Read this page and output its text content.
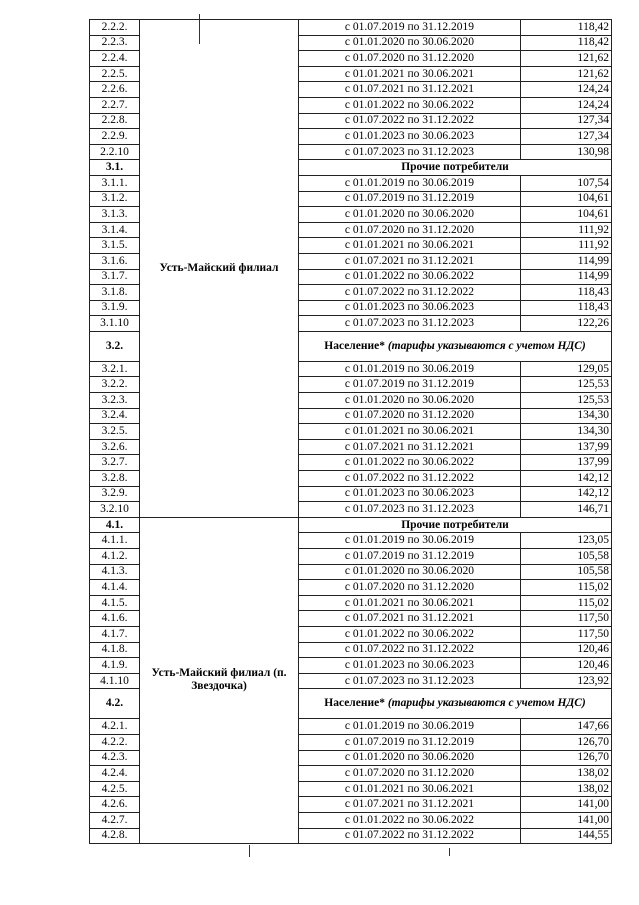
2.2.2.	Усть-Майский филиал	с 01.07.2019 по 31.12.2019	118,42
2.2.3.		с 01.01.2020 по 30.06.2020	118,42
2.2.4.		с 01.07.2020 по 31.12.2020	121,62
2.2.5.		с 01.01.2021 по 30.06.2021	121,62
2.2.6.		с 01.07.2021 по 31.12.2021	124,24
2.2.7.		с 01.01.2022 по 30.06.2022	124,24
2.2.8.		с 01.07.2022 по 31.12.2022	127,34
2.2.9.		с 01.01.2023 по 30.06.2023	127,34
2.2.10		с 01.07.2023 по 31.12.2023	130,98
3.1.		Прочие потребители	
3.1.1.		с 01.01.2019 по 30.06.2019	107,54
3.1.2.		с 01.07.2019 по 31.12.2019	104,61
3.1.3.		с 01.01.2020 по 30.06.2020	104,61
3.1.4.		с 01.07.2020 по 31.12.2020	111,92
3.1.5.		с 01.01.2021 по 30.06.2021	111,92
3.1.6.		с 01.07.2021 по 31.12.2021	114,99
3.1.7.		с 01.01.2022 по 30.06.2022	114,99
3.1.8.		с 01.07.2022 по 31.12.2022	118,43
3.1.9.		с 01.01.2023 по 30.06.2023	118,43
3.1.10		с 01.07.2023 по 31.12.2023	122,26
3.2.		Население* (тарифы указываются с учетом НДС)	
3.2.1.		с 01.01.2019 по 30.06.2019	129,05
3.2.2.		с 01.07.2019 по 31.12.2019	125,53
3.2.3.		с 01.01.2020 по 30.06.2020	125,53
3.2.4.		с 01.07.2020 по 31.12.2020	134,30
3.2.5.		с 01.01.2021 по 30.06.2021	134,30
3.2.6.		с 01.07.2021 по 31.12.2021	137,99
3.2.7.		с 01.01.2022 по 30.06.2022	137,99
3.2.8.		с 01.07.2022 по 31.12.2022	142,12
3.2.9.		с 01.01.2023 по 30.06.2023	142,12
3.2.10		с 01.07.2023 по 31.12.2023	146,71
4.1.	Усть-Майский филиал (п. Звездочка)	Прочие потребители	
4.1.1.		с 01.01.2019 по 30.06.2019	123,05
4.1.2.		с 01.07.2019 по 31.12.2019	105,58
4.1.3.		с 01.01.2020 по 30.06.2020	105,58
4.1.4.		с 01.07.2020 по 31.12.2020	115,02
4.1.5.		с 01.01.2021 по 30.06.2021	115,02
4.1.6.		с 01.07.2021 по 31.12.2021	117,50
4.1.7.		с 01.01.2022 по 30.06.2022	117,50
4.1.8.		с 01.07.2022 по 31.12.2022	120,46
4.1.9.		с 01.01.2023 по 30.06.2023	120,46
4.1.10		с 01.07.2023 по 31.12.2023	123,92
4.2.		Население* (тарифы указываются с учетом НДС)	
4.2.1.		с 01.01.2019 по 30.06.2019	147,66
4.2.2.		с 01.07.2019 по 31.12.2019	126,70
4.2.3.		с 01.01.2020 по 30.06.2020	126,70
4.2.4.		с 01.07.2020 по 31.12.2020	138,02
4.2.5.		с 01.01.2021 по 30.06.2021	138,02
4.2.6.		с 01.07.2021 по 31.12.2021	141,00
4.2.7.		с 01.01.2022 по 30.06.2022	141,00
4.2.8.		с 01.07.2022 по 31.12.2022	144,55
